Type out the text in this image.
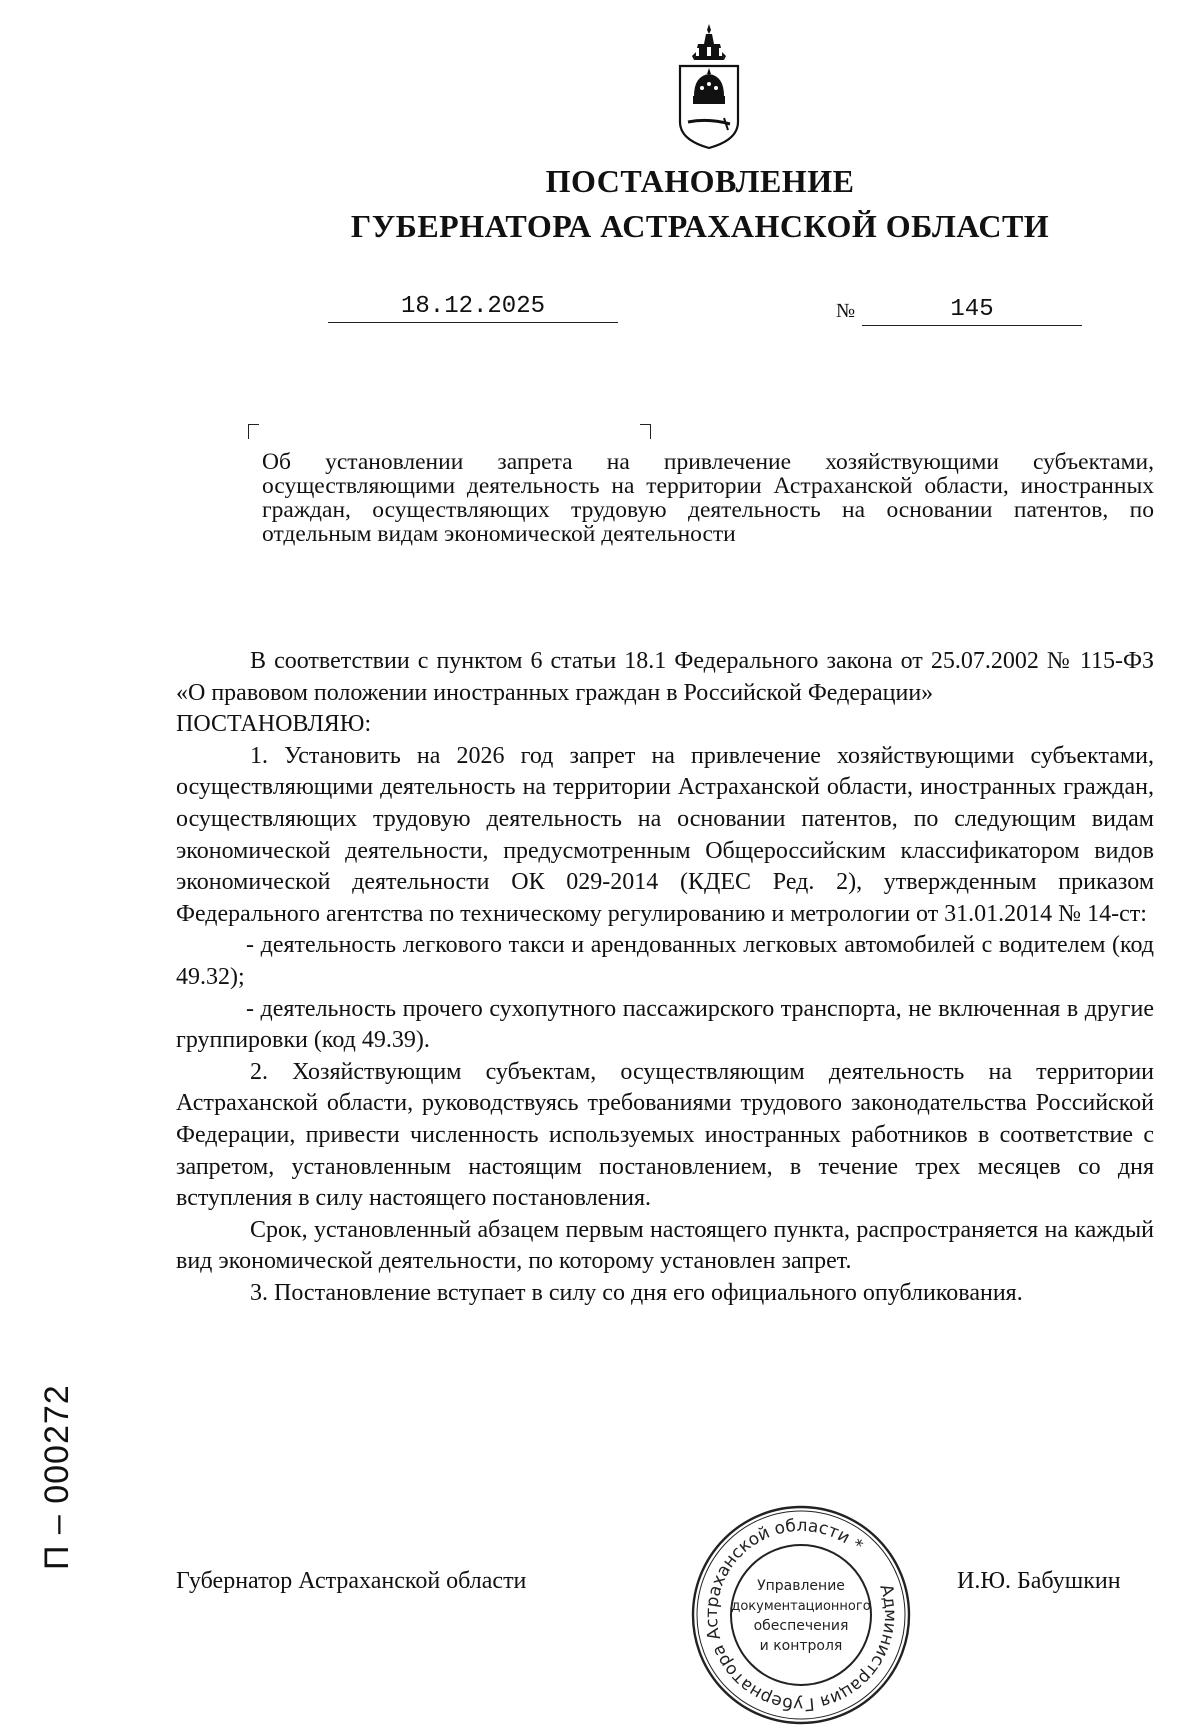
ПОСТАНОВЛЕНИЕ
ГУБЕРНАТОРА АСТРАХАНСКОЙ ОБЛАСТИ
18.12.2025	№	145
Об установлении запрета на привлечение хозяйствующими субъектами, осуществляющими деятельность на территории Астраханской области, иностранных граждан, осуществляющих трудовую деятельность на основании патентов, по отдельным видам экономической деятельности

В соответствии с пунктом 6 статьи 18.1 Федерального закона от 25.07.2002 № 115-ФЗ «О правовом положении иностранных граждан в Российской Федерации»

ПОСТАНОВЛЯЮ:

1. Установить на 2026 год запрет на привлечение хозяйствующими субъектами, осуществляющими деятельность на территории Астраханской области, иностранных граждан, осуществляющих трудовую деятельность на основании патентов, по следующим видам экономической деятельности, предусмотренным Общероссийским классификатором видов экономической деятельности ОК 029-2014 (КДЕС Ред. 2), утвержденным приказом Федерального агентства по техническому регулированию и метрологии от 31.01.2014 № 14-ст:

- деятельность легкового такси и арендованных легковых автомобилей с водителем (код 49.32);

- деятельность прочего сухопутного пассажирского транспорта, не включенная в другие группировки (код 49.39).

2. Хозяйствующим субъектам, осуществляющим деятельность на территории Астраханской области, руководствуясь требованиями трудового законодательства Российской Федерации, привести численность используемых иностранных работников в соответствие с запретом, установленным настоящим постановлением, в течение трех месяцев со дня вступления в силу настоящего постановления.

Срок, установленный абзацем первым настоящего пункта, распространяется на каждый вид экономической деятельности, по которому установлен запрет.

3. Постановление вступает в силу со дня его официального опубликования.

Губернатор Астраханской области	И.Ю. Бабушкин
Администрация Губернатора Астраханской области *
Управление
документационного
обеспечения
и контроля
П – 000272
